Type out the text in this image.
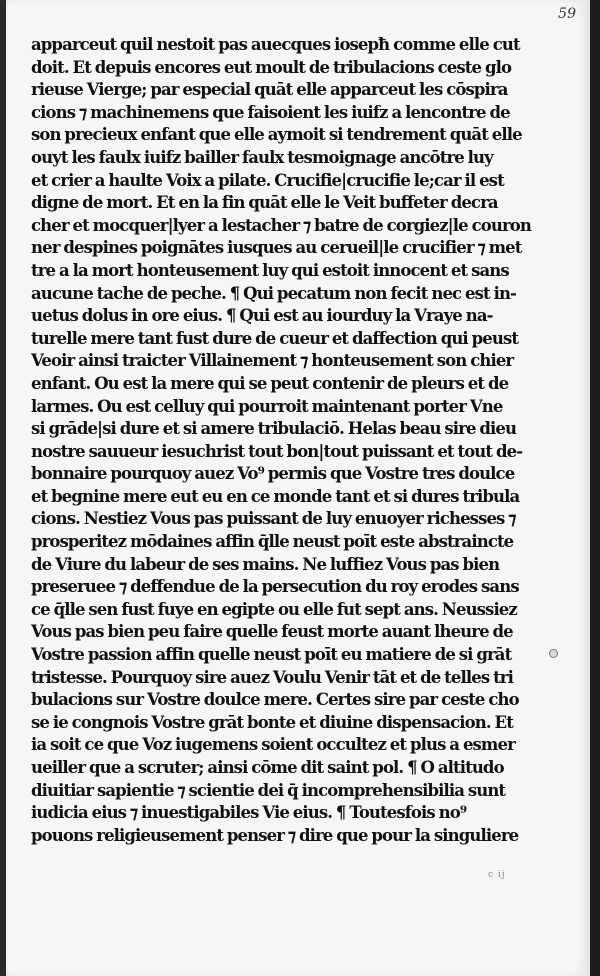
59
apparceut quil nestoit pas auecques iosepħ comme elle cut
doit. Et depuis encores eut moult de tribulacions ceste glo
rieuse Vierge; par especial quāt elle apparceut les cōspira
cions ⁊ machinemens que faisoient les iuifz a lencontre de
son precieux enfant que elle aymoit si tendrement quāt elle
ouyt les faulx iuifz bailler faulx tesmoignage ancōtre luy
et crier a haulte Voix a pilate. Crucifie|crucifie le;car il est
digne de mort. Et en la fin quāt elle le Veit buffeter decra
cher et mocquer|lyer a lestacher ⁊ batre de corgiez|le couron
ner despines poignātes iusques au cerueil|le crucifier ⁊ met
tre a la mort honteusement luy qui estoit innocent et sans
aucune tache de peche. ¶ Qui pecatum non fecit nec est in-
uetus dolus in ore eius. ¶ Qui est au iourduy la Vraye na-
turelle mere tant fust dure de cueur et daffection qui peust
Veoir ainsi traicter Villainement ⁊ honteusement son chier
enfant. Ou est la mere qui se peut contenir de pleurs et de
larmes. Ou est celluy qui pourroit maintenant porter Vne
si grāde|si dure et si amere tribulaciō. Helas beau sire dieu
nostre sauueur iesuchrist tout bon|tout puissant et tout de-
bonnaire pourquoy auez Vo⁹ permis que Vostre tres doulce
et begnine mere eut eu en ce monde tant et si dures tribula
cions. Nestiez Vous pas puissant de luy enuoyer richesses ⁊
prosperitez mōdaines affin q̄lle neust poīt este abstraincte
de Viure du labeur de ses mains. Ne luffiez Vous pas bien
preseruee ⁊ deffendue de la persecution du roy erodes sans
ce q̄lle sen fust fuye en egipte ou elle fut sept ans. Neussiez
Vous pas bien peu faire quelle feust morte auant lheure de
Vostre passion affin quelle neust poīt eu matiere de si grāt
tristesse. Pourquoy sire auez Voulu Venir tāt et de telles tri
bulacions sur Vostre doulce mere. Certes sire par ceste cho
se ie congnois Vostre grāt bonte et diuine dispensacion. Et
ia soit ce que Voz iugemens soient occultez et plus a esmer
ueiller que a scruter; ainsi cōme dit saint pol. ¶ O altitudo
diuitiar sapientie ⁊ scientie dei q̄ incomprehensibilia sunt
iudicia eius ⁊ inuestigabiles Vie eius. ¶ Toutesfois no⁹
pouons religieusement penser ⁊ dire que pour la singuliere
c ij
